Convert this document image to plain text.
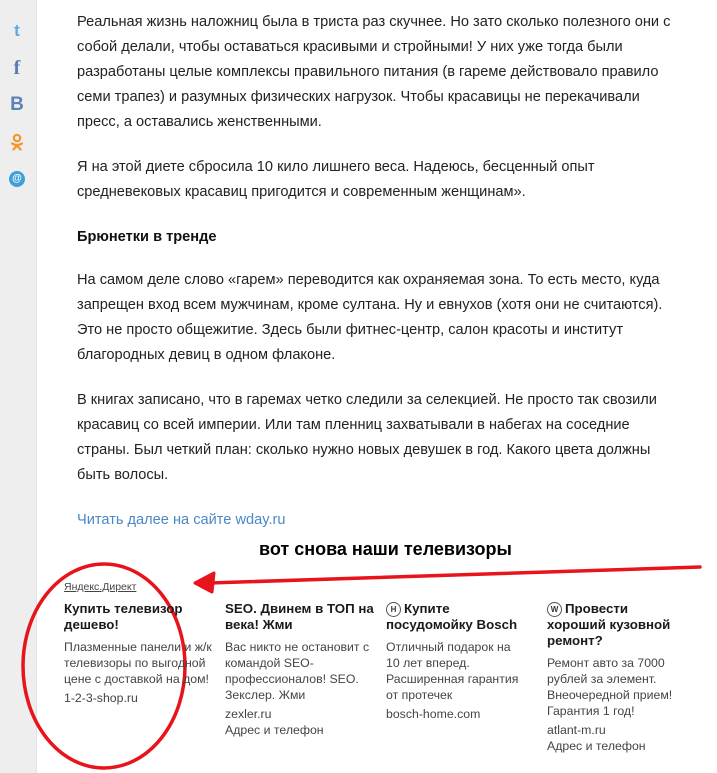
t
f
B
@

Реальная жизнь наложниц была в триста раз скучнее. Но зато сколько полезного они с собой делали, чтобы оставаться красивыми и стройными! У них уже тогда были разработаны целые комплексы правильного питания (в гареме действовало правило семи трапез) и разумных физических нагрузок. Чтобы красавицы не перекачивали пресс, а оставались женственными.

Я на этой диете сбросила 10 кило лишнего веса. Надеюсь, бесценный опыт средневековых красавиц пригодится и современным женщинам».

Брюнетки в тренде

На самом деле слово «гарем» переводится как охраняемая зона. То есть место, куда запрещен вход всем мужчинам, кроме султана. Ну и евнухов (хотя они не считаются). Это не просто общежитие. Здесь были фитнес-центр, салон красоты и институт благородных девиц в одном флаконе.

В книгах записано, что в гаремах четко следили за селекцией. Не просто так свозили красавиц со всей империи. Или там пленниц захватывали в набегах на соседние страны. Был четкий план: сколько нужно новых девушек в год. Какого цвета должны быть волосы.

Читать далее на сайте wday.ru
вот снова наши телевизоры
Яндекс.Директ
Купить телевизор дешево!
Плазменные панели и ж/к телевизоры по выгодной цене с доставкой на дом!
1-2-3-shop.ru
SEO. Двинем в ТОП на века! Жми
Вас никто не остановит с командой SEO-профессионалов! SEO. Зекслер. Жми
zexler.ru
Адрес и телефон
H Купите посудомойку Bosch
Отличный подарок на 10 лет вперед. Расширенная гарантия от протечек
bosch-home.com
W Провести хороший кузовной ремонт?
Ремонт авто за 7000 рублей за элемент. Внеочередной прием! Гарантия 1 год!
atlant-m.ru
Адрес и телефон
